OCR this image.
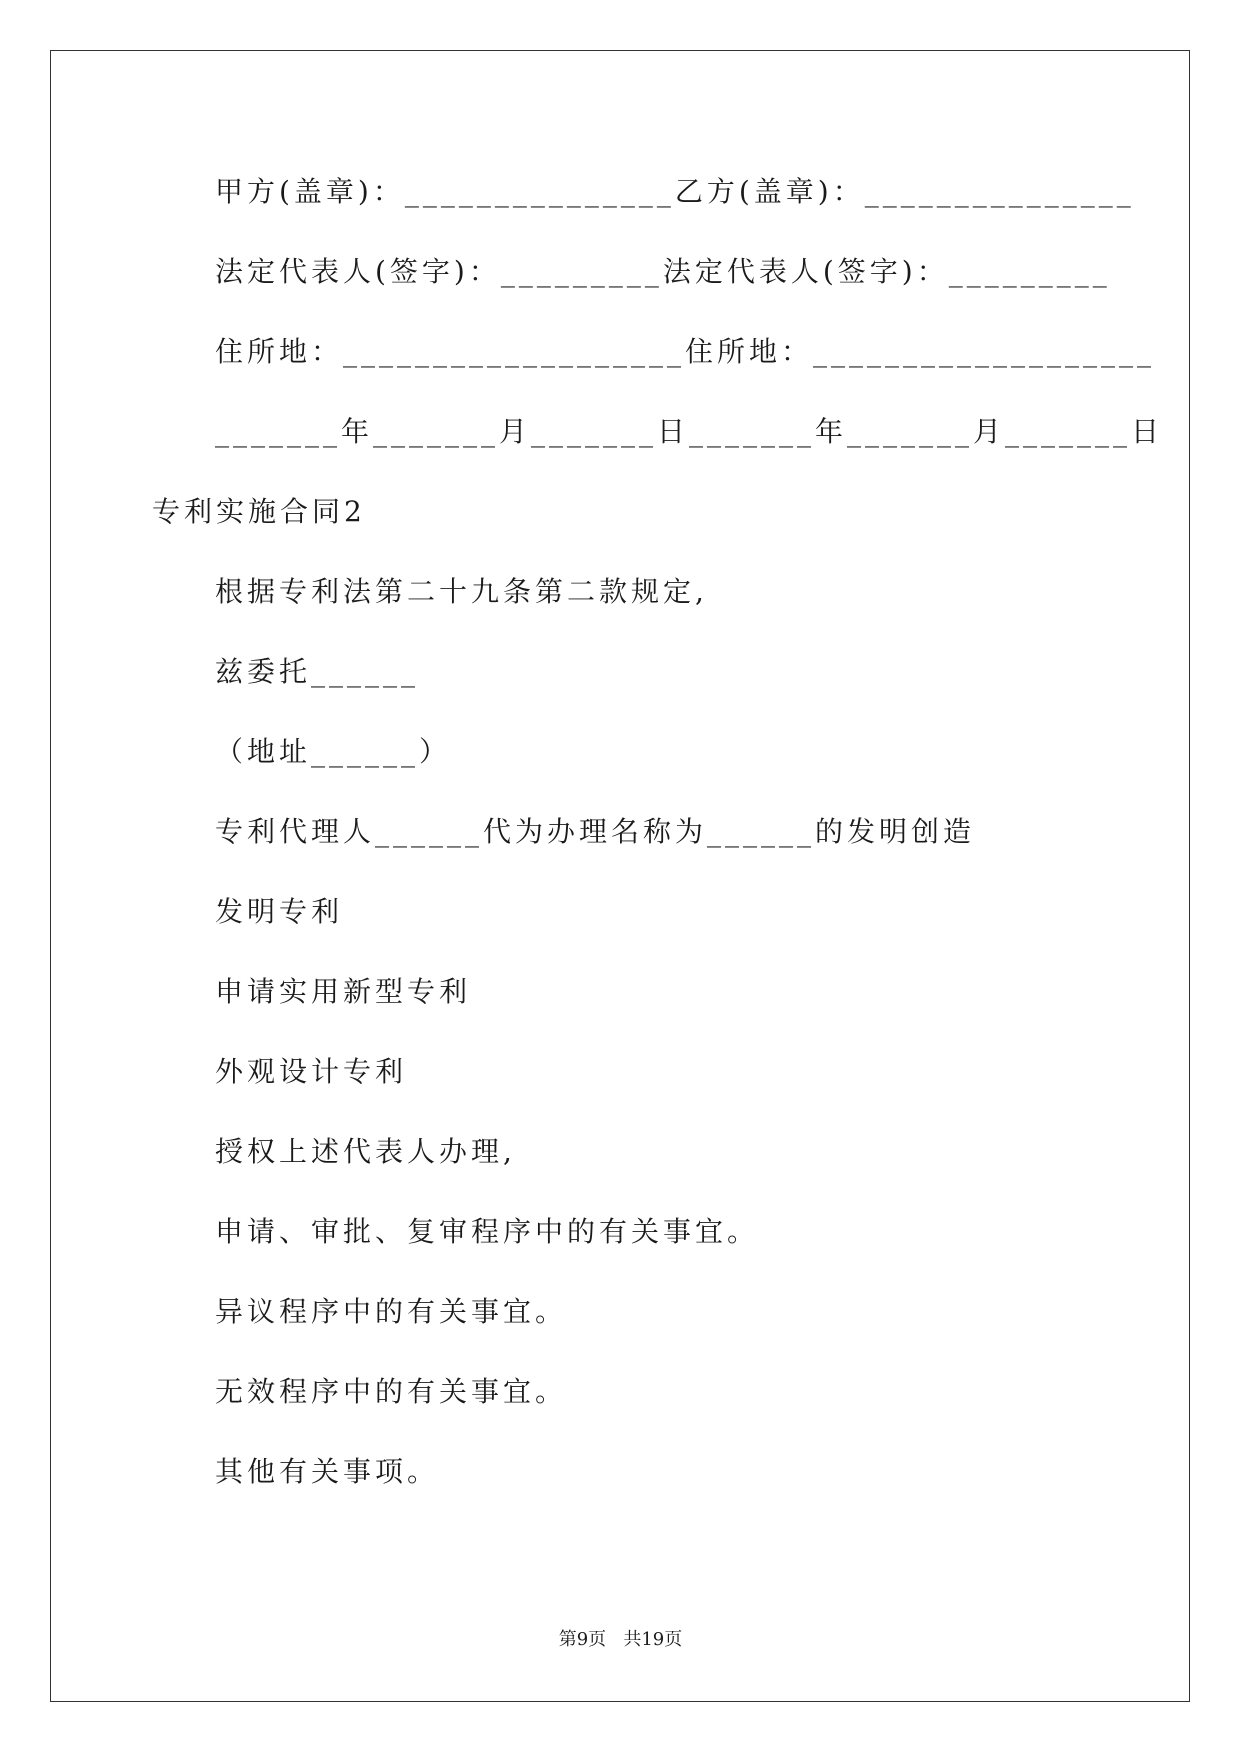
甲方(盖章)：_______________乙方(盖章)：_______________
法定代表人(签字)：_________法定代表人(签字)：_________
住所地：___________________住所地：___________________
_______年_______月_______日_______年_______月_______日
专利实施合同2
根据专利法第二十九条第二款规定,
兹委托______
（地址______）
专利代理人______代为办理名称为______的发明创造
发明专利
申请实用新型专利
外观设计专利
授权上述代表人办理,
申请、审批、复审程序中的有关事宜。
异议程序中的有关事宜。
无效程序中的有关事宜。
其他有关事项。
第9页   共19页
